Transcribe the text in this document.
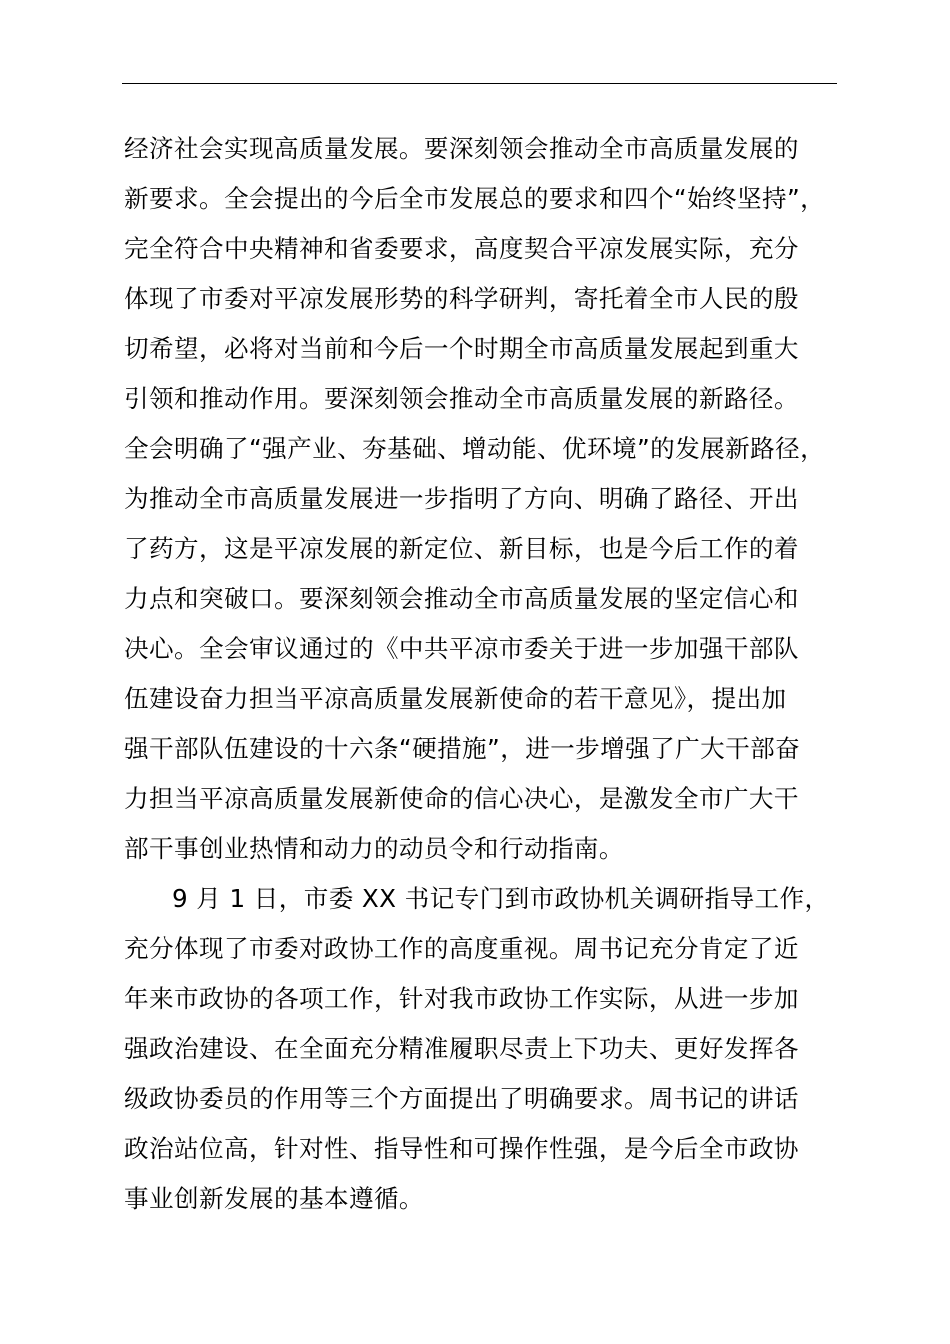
经济社会实现高质量发展。要深刻领会推动全市高质量发展的
新要求。全会提出的今后全市发展总的要求和四个“始终坚持”，
完全符合中央精神和省委要求，高度契合平凉发展实际，充分
体现了市委对平凉发展形势的科学研判，寄托着全市人民的殷
切希望，必将对当前和今后一个时期全市高质量发展起到重大
引领和推动作用。要深刻领会推动全市高质量发展的新路径。
全会明确了“强产业、夯基础、增动能、优环境”的发展新路径，
为推动全市高质量发展进一步指明了方向、明确了路径、开出
了药方，这是平凉发展的新定位、新目标，也是今后工作的着
力点和突破口。要深刻领会推动全市高质量发展的坚定信心和
决心。全会审议通过的《中共平凉市委关于进一步加强干部队
伍建设奋力担当平凉高质量发展新使命的若干意见》，提出加
强干部队伍建设的十六条“硬措施”，进一步增强了广大干部奋
力担当平凉高质量发展新使命的信心决心，是激发全市广大干
部干事创业热情和动力的动员令和行动指南。
9 月 1 日，市委 XX 书记专门到市政协机关调研指导工作，
充分体现了市委对政协工作的高度重视。周书记充分肯定了近
年来市政协的各项工作，针对我市政协工作实际，从进一步加
强政治建设、在全面充分精准履职尽责上下功夫、更好发挥各
级政协委员的作用等三个方面提出了明确要求。周书记的讲话
政治站位高，针对性、指导性和可操作性强，是今后全市政协
事业创新发展的基本遵循。
